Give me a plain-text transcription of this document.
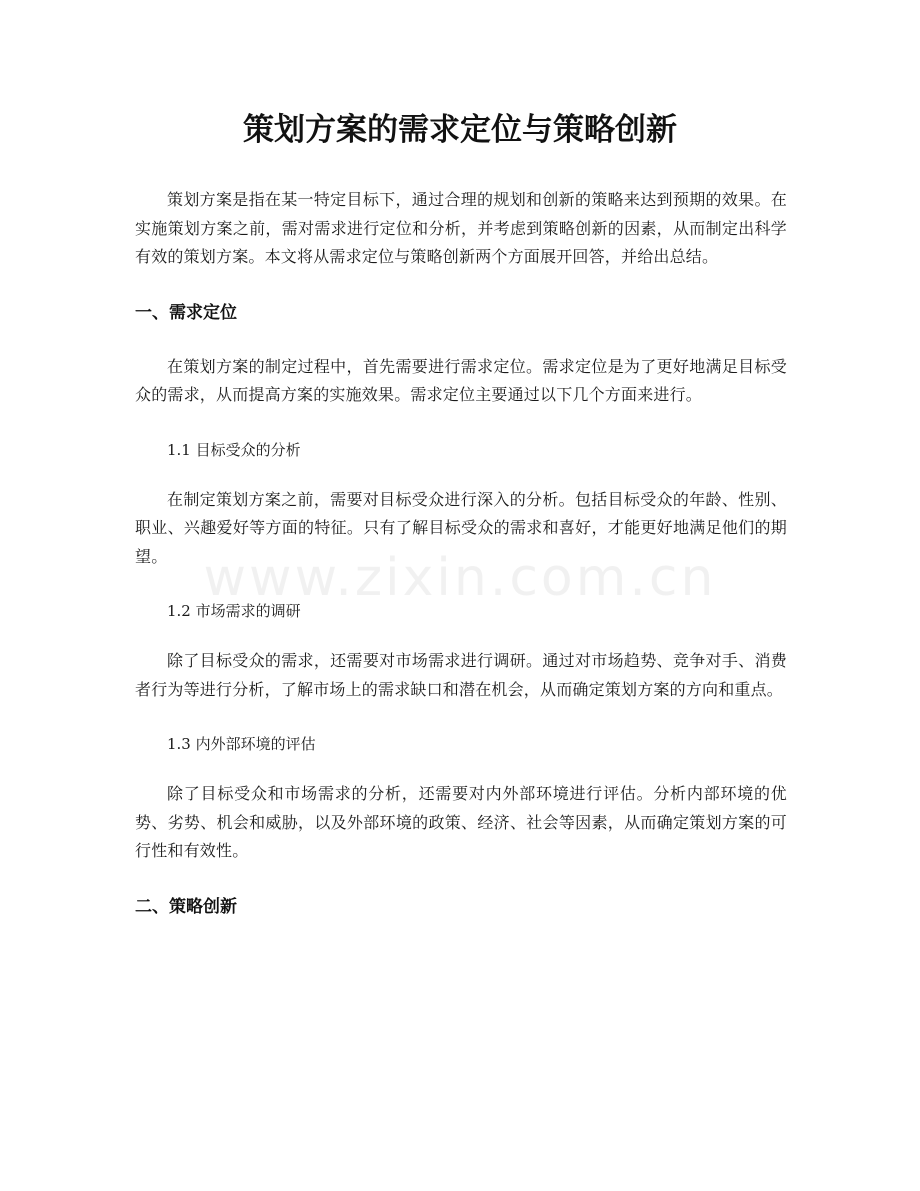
策划方案的需求定位与策略创新

策划方案是指在某一特定目标下，通过合理的规划和创新的策略来达到预期的效果。在实施策划方案之前，需对需求进行定位和分析，并考虑到策略创新的因素，从而制定出科学有效的策划方案。本文将从需求定位与策略创新两个方面展开回答，并给出总结。

一、需求定位

在策划方案的制定过程中，首先需要进行需求定位。需求定位是为了更好地满足目标受众的需求，从而提高方案的实施效果。需求定位主要通过以下几个方面来进行。

1.1 目标受众的分析

在制定策划方案之前，需要对目标受众进行深入的分析。包括目标受众的年龄、性别、职业、兴趣爱好等方面的特征。只有了解目标受众的需求和喜好，才能更好地满足他们的期望。

1.2 市场需求的调研

除了目标受众的需求，还需要对市场需求进行调研。通过对市场趋势、竞争对手、消费者行为等进行分析，了解市场上的需求缺口和潜在机会，从而确定策划方案的方向和重点。

1.3 内外部环境的评估

除了目标受众和市场需求的分析，还需要对内外部环境进行评估。分析内部环境的优势、劣势、机会和威胁，以及外部环境的政策、经济、社会等因素，从而确定策划方案的可行性和有效性。

二、策略创新
www.zixin.com.cn
